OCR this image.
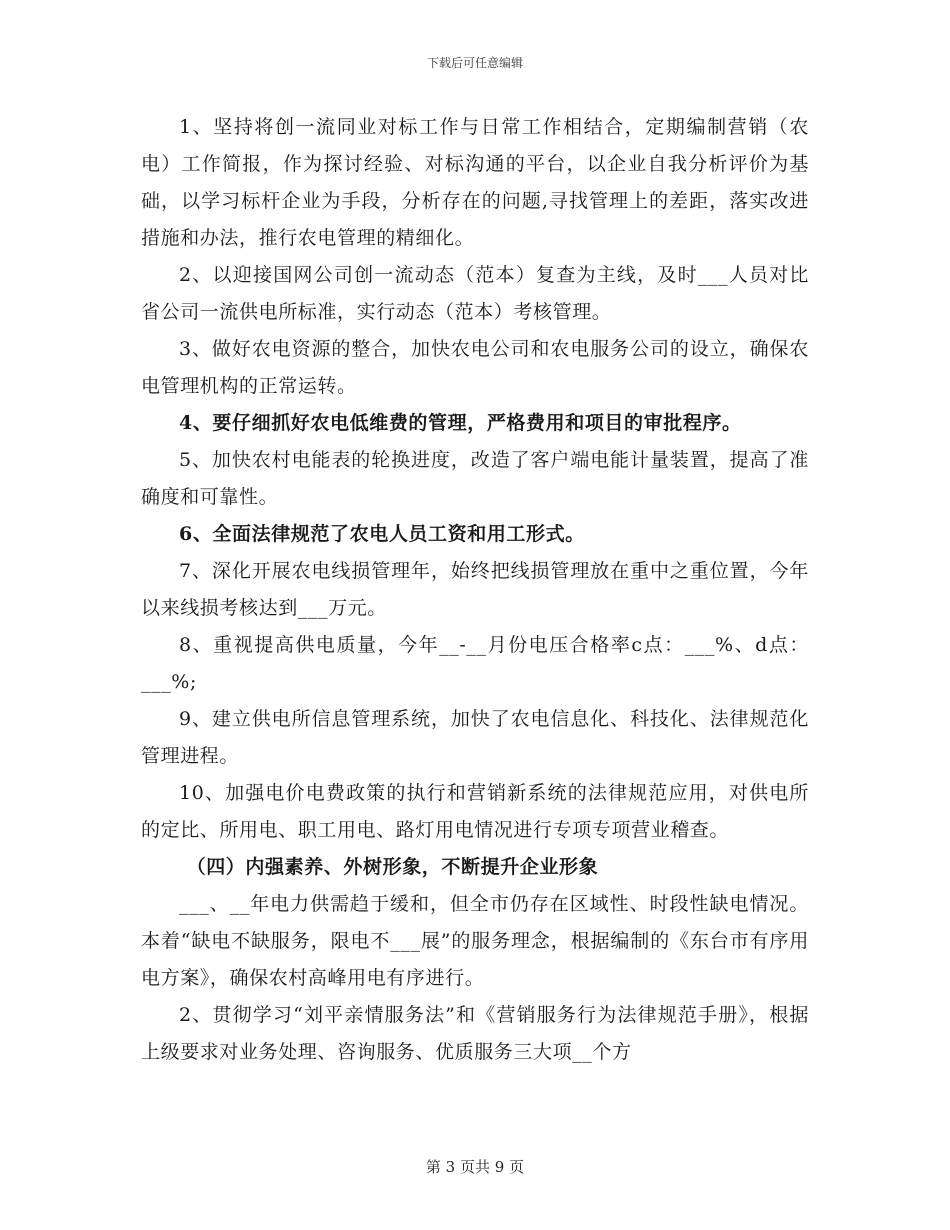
下载后可任意编辑

1、坚持将创一流同业对标工作与日常工作相结合，定期编制营销（农电）工作简报，作为探讨经验、对标沟通的平台，以企业自我分析评价为基础，以学习标杆企业为手段，分析存在的问题,寻找管理上的差距，落实改进措施和办法，推行农电管理的精细化。

2、以迎接国网公司创一流动态（范本）复查为主线，及时___人员对比省公司一流供电所标准，实行动态（范本）考核管理。

3、做好农电资源的整合，加快农电公司和农电服务公司的设立，确保农电管理机构的正常运转。

4、要仔细抓好农电低维费的管理，严格费用和项目的审批程序。

5、加快农村电能表的轮换进度，改造了客户端电能计量装置，提高了准确度和可靠性。

6、全面法律规范了农电人员工资和用工形式。

7、深化开展农电线损管理年，始终把线损管理放在重中之重位置，今年以来线损考核达到___万元。

8、重视提高供电质量，今年__-__月份电压合格率c点：___%、d点：___%;

9、建立供电所信息管理系统，加快了农电信息化、科技化、法律规范化管理进程。

10、加强电价电费政策的执行和营销新系统的法律规范应用，对供电所的定比、所用电、职工用电、路灯用电情况进行专项专项营业稽查。

（四）内强素养、外树形象，不断提升企业形象

___、__年电力供需趋于缓和，但全市仍存在区域性、时段性缺电情况。本着“缺电不缺服务，限电不___展”的服务理念，根据编制的《东台市有序用电方案》，确保农村高峰用电有序进行。

2、贯彻学习“刘平亲情服务法”和《营销服务行为法律规范手册》，根据上级要求对业务处理、咨询服务、优质服务三大项__个方

第 3 页共 9 页
